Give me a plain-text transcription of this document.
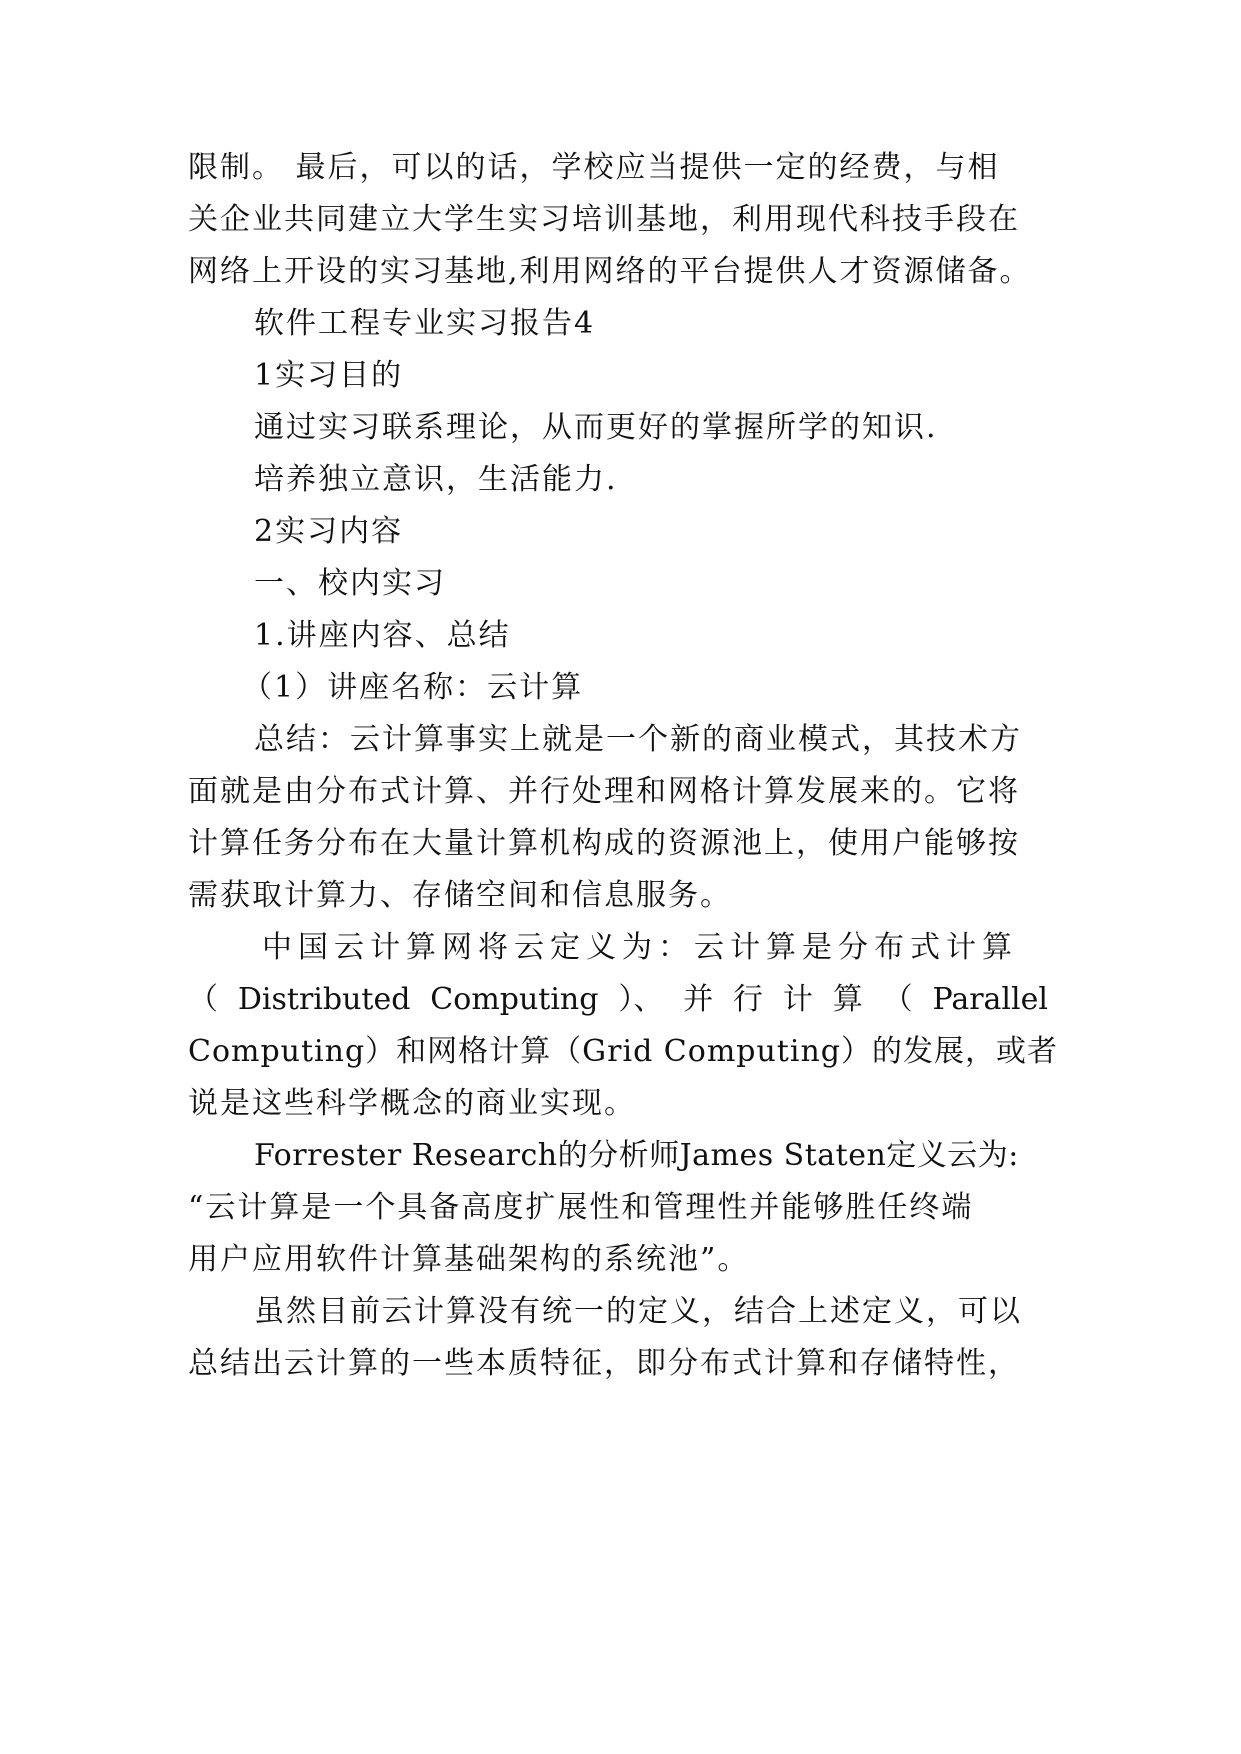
限制。 最后，可以的话，学校应当提供一定的经费，与相
关企业共同建立大学生实习培训基地，利用现代科技手段在
网络上开设的实习基地,利用网络的平台提供人才资源储备。
软件工程专业实习报告4
1实习目的
通过实习联系理论，从而更好的掌握所学的知识.
培养独立意识，生活能力.
2实习内容
一、校内实习
1.讲座内容、总结
（1）讲座名称：云计算
总结：云计算事实上就是一个新的商业模式，其技术方
面就是由分布式计算、并行处理和网格计算发展来的。它将
计算任务分布在大量计算机构成的资源池上，使用户能够按
需获取计算力、存储空间和信息服务。
中国云计算网将云定义为：云计算是分布式计算
（ Distributed Computing ）、 并 行 计 算 （ Parallel
Computing）和网格计算（Grid Computing）的发展，或者
说是这些科学概念的商业实现。
Forrester Research的分析师James Staten定义云为:
“云计算是一个具备高度扩展性和管理性并能够胜任终端
用户应用软件计算基础架构的系统池”。
虽然目前云计算没有统一的定义，结合上述定义，可以
总结出云计算的一些本质特征，即分布式计算和存储特性，
